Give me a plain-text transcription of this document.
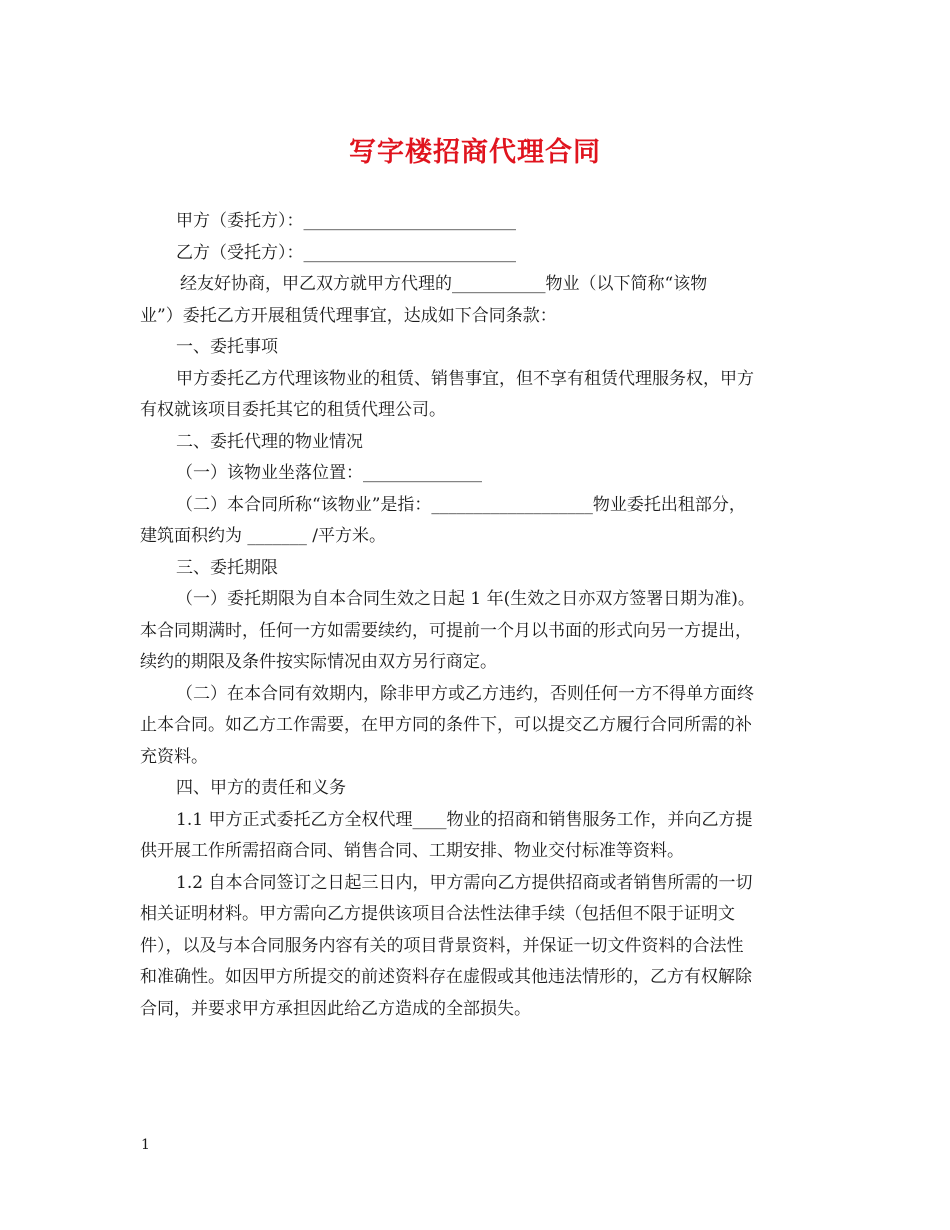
写字楼招商代理合同
甲方（委托方）：_________________________
乙方（受托方）：_________________________
经友好协商，甲乙双方就甲方代理的___________物业（以下简称“该物
业”）委托乙方开展租赁代理事宜，达成如下合同条款：
一、委托事项
甲方委托乙方代理该物业的租赁、销售事宜，但不享有租赁代理服务权，甲方
有权就该项目委托其它的租赁代理公司。
二、委托代理的物业情况
（一）该物业坐落位置：______________
（二）本合同所称“该物业”是指：___________________物业委托出租部分，
建筑面积约为 _______ /平方米。
三、委托期限
（一）委托期限为自本合同生效之日起 1 年(生效之日亦双方签署日期为准)。
本合同期满时，任何一方如需要续约，可提前一个月以书面的形式向另一方提出，
续约的期限及条件按实际情况由双方另行商定。
（二）在本合同有效期内，除非甲方或乙方违约，否则任何一方不得单方面终
止本合同。如乙方工作需要，在甲方同的条件下，可以提交乙方履行合同所需的补
充资料。
四、甲方的责任和义务
1.1 甲方正式委托乙方全权代理____物业的招商和销售服务工作，并向乙方提
供开展工作所需招商合同、销售合同、工期安排、物业交付标准等资料。
1.2 自本合同签订之日起三日内，甲方需向乙方提供招商或者销售所需的一切
相关证明材料。甲方需向乙方提供该项目合法性法律手续（包括但不限于证明文
件），以及与本合同服务内容有关的项目背景资料，并保证一切文件资料的合法性
和准确性。如因甲方所提交的前述资料存在虚假或其他违法情形的，乙方有权解除
合同，并要求甲方承担因此给乙方造成的全部损失。
1
